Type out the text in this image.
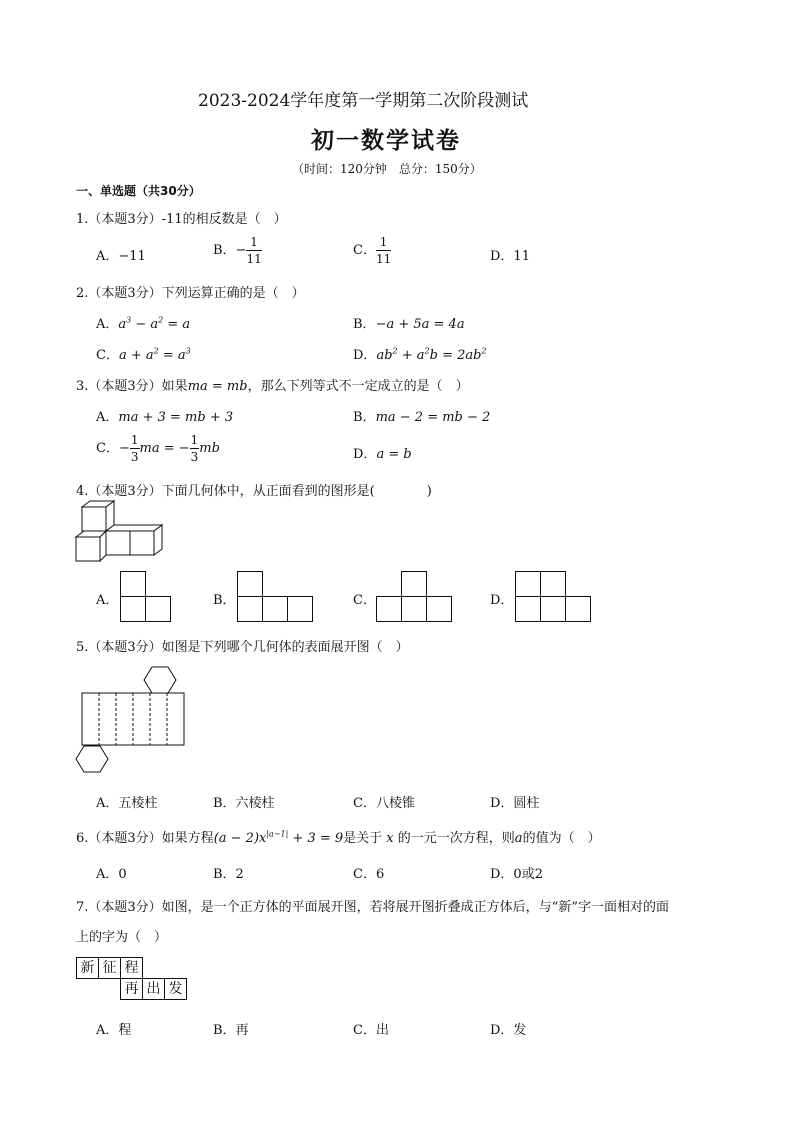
2023-2024学年度第一学期第二次阶段测试
初一数学试卷
（时间：120分钟　总分：150分）
一、单选题（共30分）
1.（本题3分）-11的相反数是（　）
A．−11	B．− $\frac{1}{11}$	C． $\frac{1}{11}$	D．11
2.（本题3分）下列运算正确的是（　）
A．$a^3 - a^2 = a$	B．−a + 5a = 4a
C．$a + a^2 = a^3$	D．$ab^2 + a^2b = 2ab^2$
3.（本题3分）如果ma = mb，那么下列等式不一定成立的是（　）
A．ma + 3 = mb + 3	B．ma − 2 = mb − 2
C．− $\frac{1}{3}$ ma = − $\frac{1}{3}$ mb	D．a = b
4.（本题3分）下面几何体中，从正面看到的图形是(　　　　)
A．	B．	C．	D．
5.（本题3分）如图是下列哪个几何体的表面展开图（　）
A．五棱柱	B．六棱柱	C．八棱锥	D．圆柱
6.（本题3分）如果方程$(a - 2)x^{|a-1|} + 3 = 9$是关于 x 的一元一次方程，则a的值为（　）
A．0	B．2	C．6	D．0或2
7.（本题3分）如图，是一个正方体的平面展开图，若将展开图折叠成正方体后，与“新”字一面相对的面
上的字为（　）
新 征 程
再 出 发
A．程	B．再	C．出	D．发
